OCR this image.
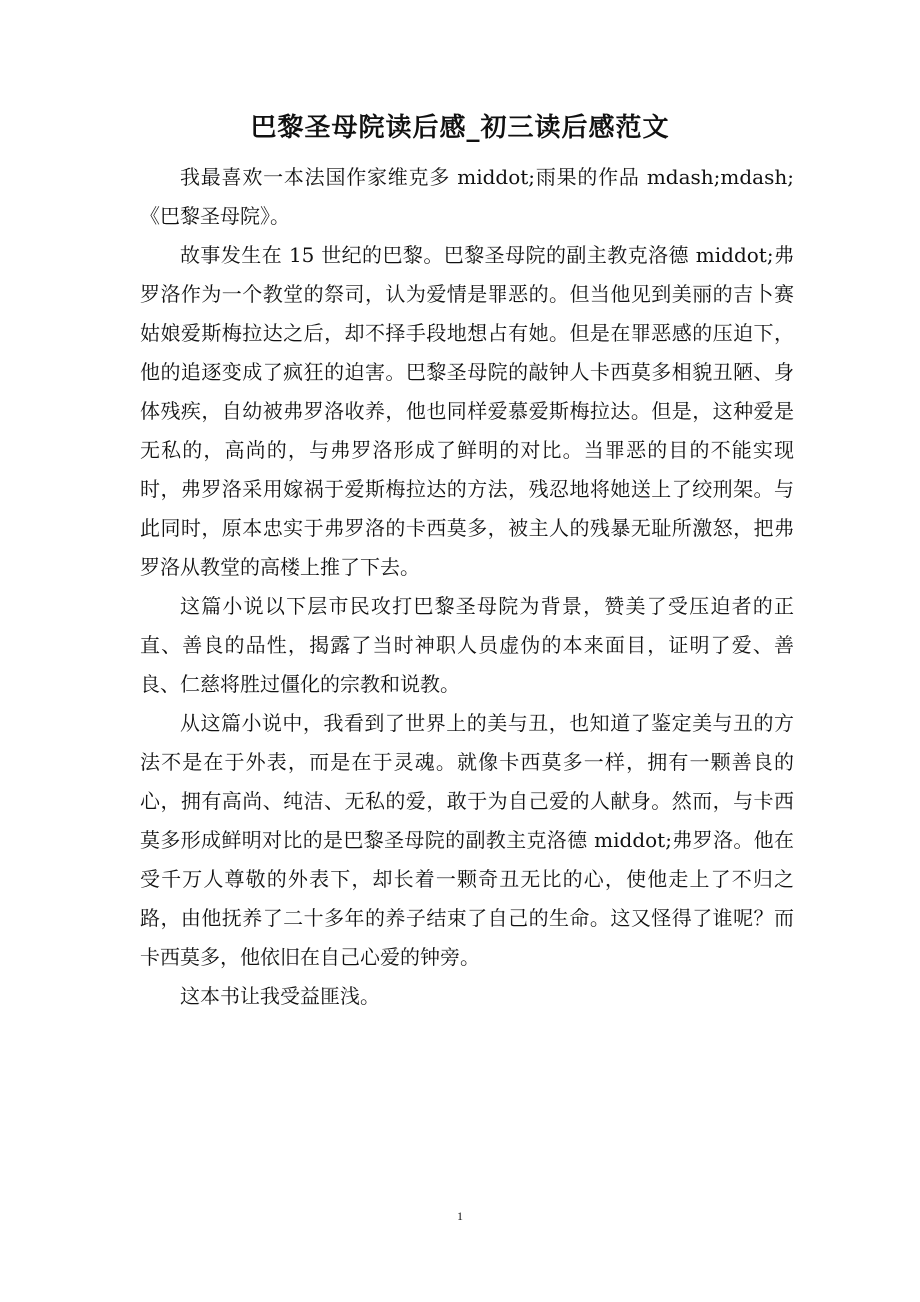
巴黎圣母院读后感_初三读后感范文

我最喜欢一本法国作家维克多 middot;雨果的作品 mdash;mdash;《巴黎圣母院》。

故事发生在 15 世纪的巴黎。巴黎圣母院的副主教克洛德 middot;弗罗洛作为一个教堂的祭司，认为爱情是罪恶的。但当他见到美丽的吉卜赛姑娘爱斯梅拉达之后，却不择手段地想占有她。但是在罪恶感的压迫下，他的追逐变成了疯狂的迫害。巴黎圣母院的敲钟人卡西莫多相貌丑陋、身体残疾，自幼被弗罗洛收养，他也同样爱慕爱斯梅拉达。但是，这种爱是无私的，高尚的，与弗罗洛形成了鲜明的对比。当罪恶的目的不能实现时，弗罗洛采用嫁祸于爱斯梅拉达的方法，残忍地将她送上了绞刑架。与此同时，原本忠实于弗罗洛的卡西莫多，被主人的残暴无耻所激怒，把弗罗洛从教堂的高楼上推了下去。

这篇小说以下层市民攻打巴黎圣母院为背景，赞美了受压迫者的正直、善良的品性，揭露了当时神职人员虚伪的本来面目，证明了爱、善良、仁慈将胜过僵化的宗教和说教。

从这篇小说中，我看到了世界上的美与丑，也知道了鉴定美与丑的方法不是在于外表，而是在于灵魂。就像卡西莫多一样，拥有一颗善良的心，拥有高尚、纯洁、无私的爱，敢于为自己爱的人献身。然而，与卡西莫多形成鲜明对比的是巴黎圣母院的副教主克洛德 middot;弗罗洛。他在受千万人尊敬的外表下，却长着一颗奇丑无比的心，使他走上了不归之路，由他抚养了二十多年的养子结束了自己的生命。这又怪得了谁呢？而卡西莫多，他依旧在自己心爱的钟旁。

这本书让我受益匪浅。

1
